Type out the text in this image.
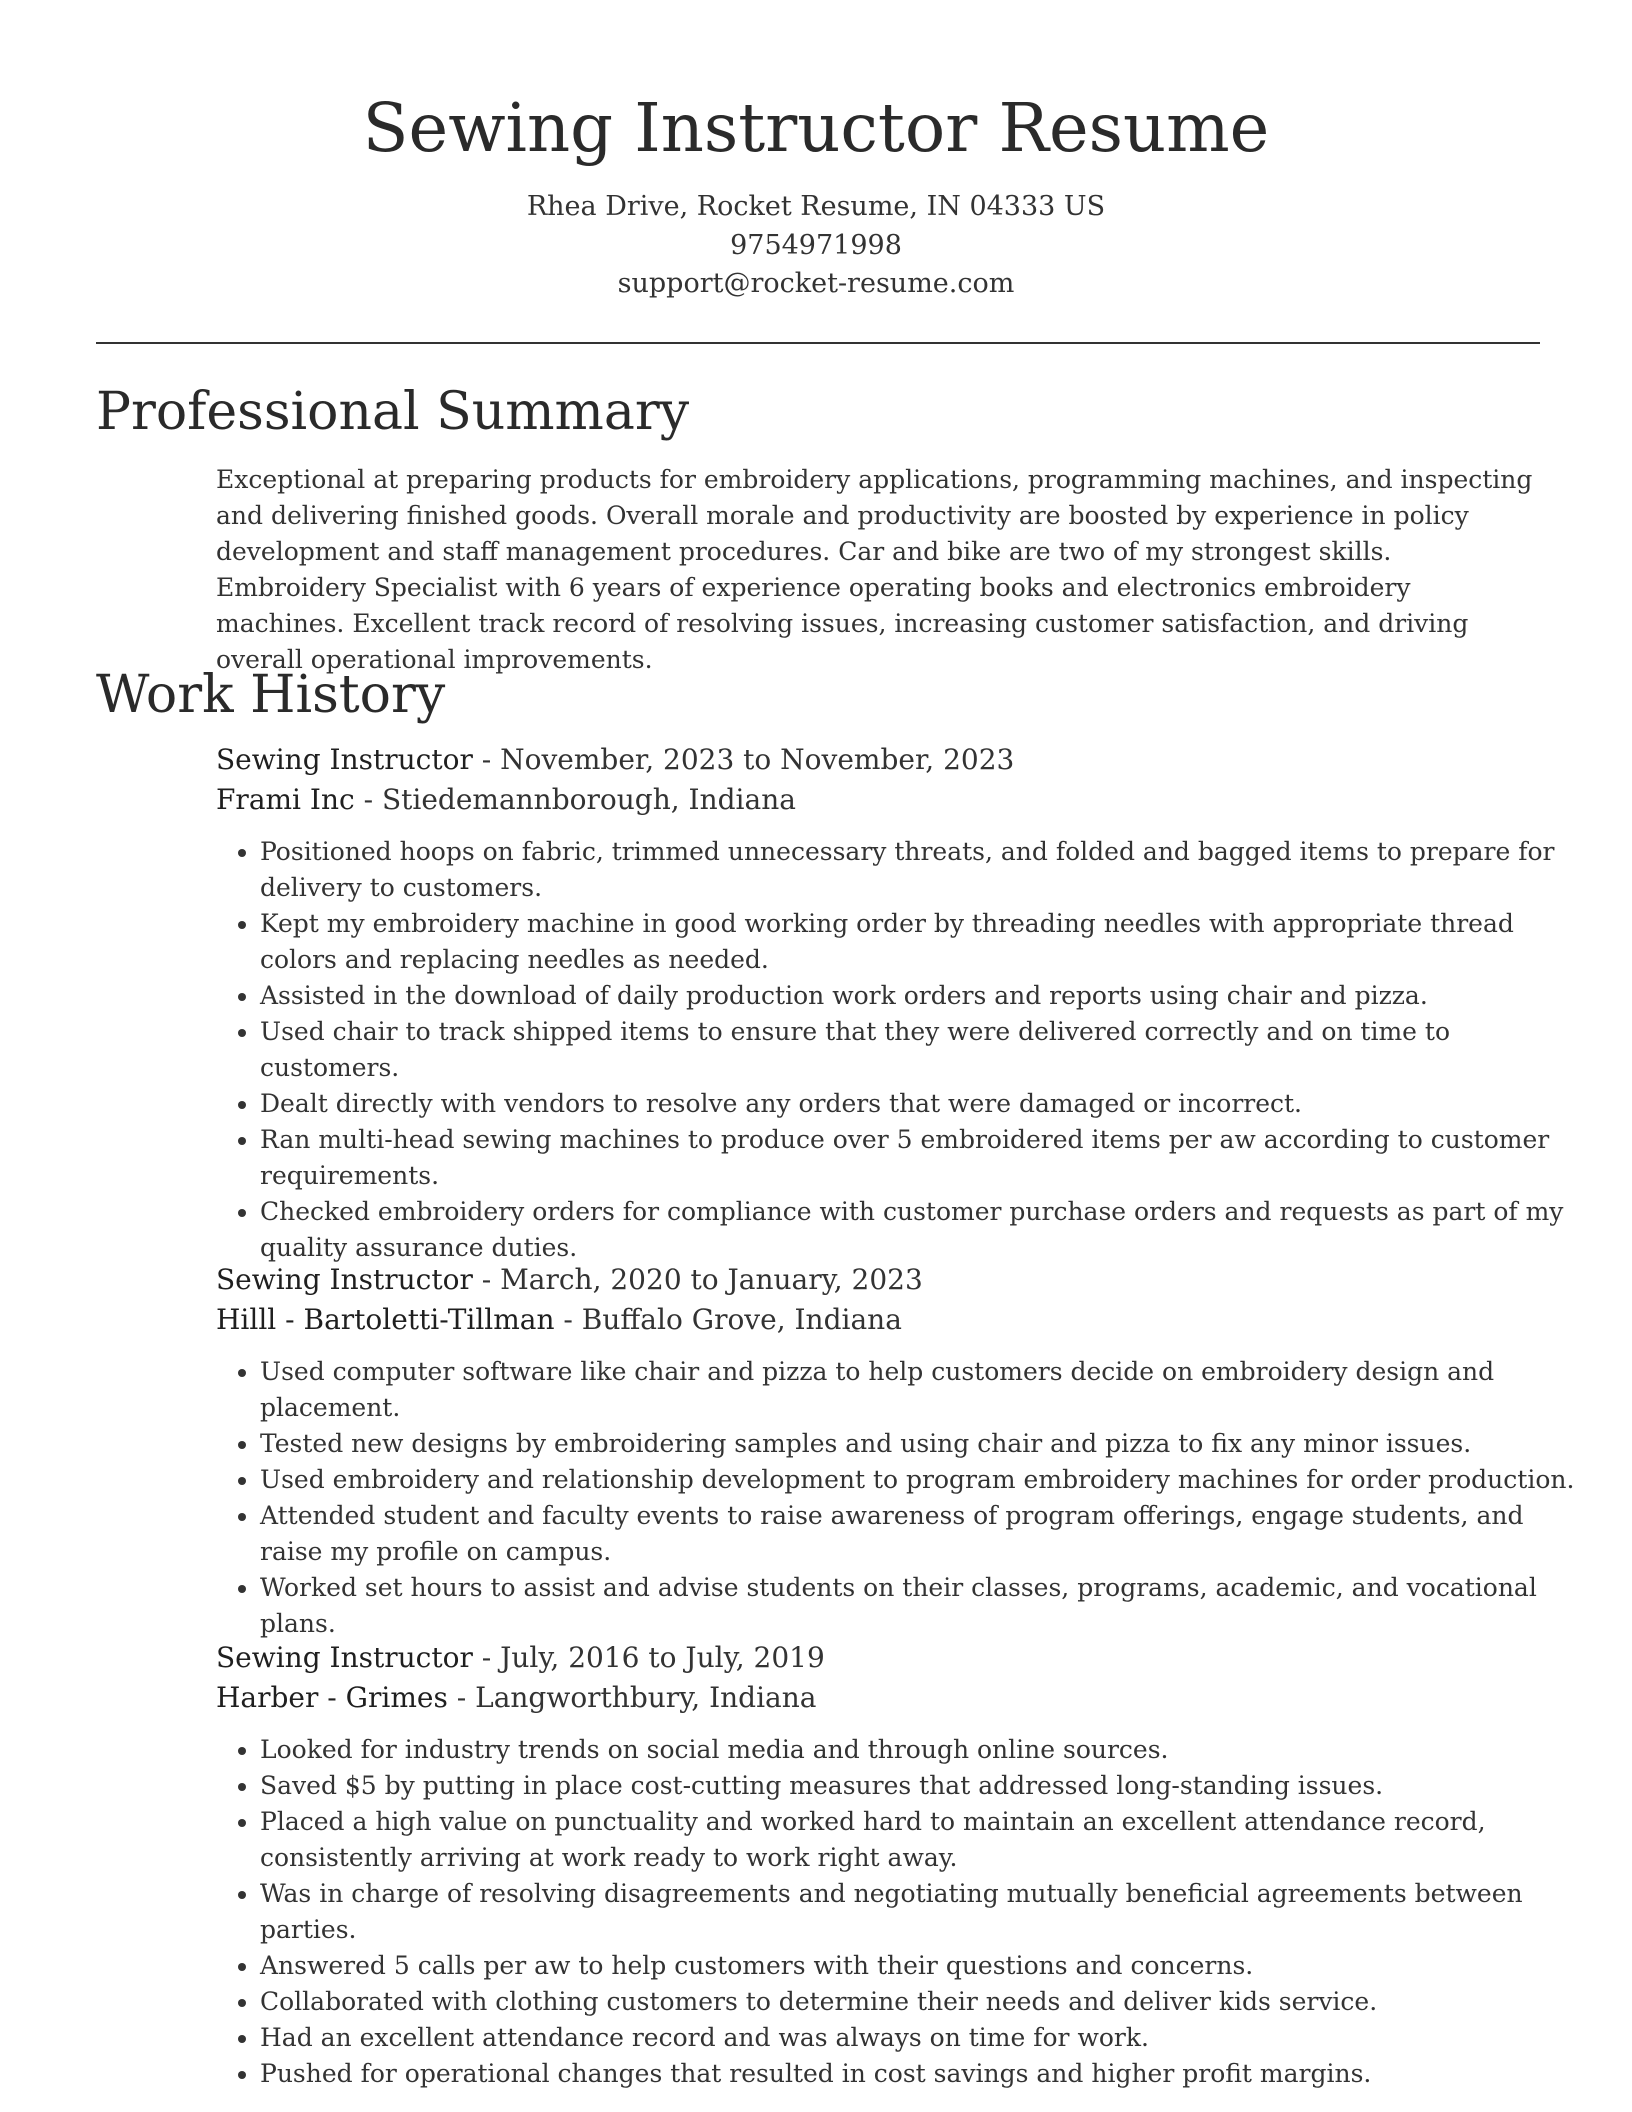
Sewing Instructor Resume
Rhea Drive, Rocket Resume, IN 04333 US
9754971998
support@rocket-resume.com
Professional Summary

Exceptional at preparing products for embroidery applications, programming machines, and inspecting and delivering finished goods. Overall morale and productivity are boosted by experience in policy development and staff management procedures. Car and bike are two of my strongest skills. Embroidery Specialist with 6 years of experience operating books and electronics embroidery machines. Excellent track record of resolving issues, increasing customer satisfaction, and driving overall operational improvements.

Work History
Sewing Instructor - November, 2023 to November, 2023
Frami Inc - Stiedemannborough, Indiana
• Positioned hoops on fabric, trimmed unnecessary threats, and folded and bagged items to prepare for delivery to customers.
• Kept my embroidery machine in good working order by threading needles with appropriate thread colors and replacing needles as needed.
• Assisted in the download of daily production work orders and reports using chair and pizza.
• Used chair to track shipped items to ensure that they were delivered correctly and on time to customers.
• Dealt directly with vendors to resolve any orders that were damaged or incorrect.
• Ran multi-head sewing machines to produce over 5 embroidered items per aw according to customer requirements.
• Checked embroidery orders for compliance with customer purchase orders and requests as part of my quality assurance duties.
Sewing Instructor - March, 2020 to January, 2023
Hilll - Bartoletti-Tillman - Buffalo Grove, Indiana
• Used computer software like chair and pizza to help customers decide on embroidery design and placement.
• Tested new designs by embroidering samples and using chair and pizza to fix any minor issues.
• Used embroidery and relationship development to program embroidery machines for order production.
• Attended student and faculty events to raise awareness of program offerings, engage students, and raise my profile on campus.
• Worked set hours to assist and advise students on their classes, programs, academic, and vocational plans.
Sewing Instructor - July, 2016 to July, 2019
Harber - Grimes - Langworthbury, Indiana
• Looked for industry trends on social media and through online sources.
• Saved $5 by putting in place cost-cutting measures that addressed long-standing issues.
• Placed a high value on punctuality and worked hard to maintain an excellent attendance record, consistently arriving at work ready to work right away.
• Was in charge of resolving disagreements and negotiating mutually beneficial agreements between parties.
• Answered 5 calls per aw to help customers with their questions and concerns.
• Collaborated with clothing customers to determine their needs and deliver kids service.
• Had an excellent attendance record and was always on time for work.
• Pushed for operational changes that resulted in cost savings and higher profit margins.
